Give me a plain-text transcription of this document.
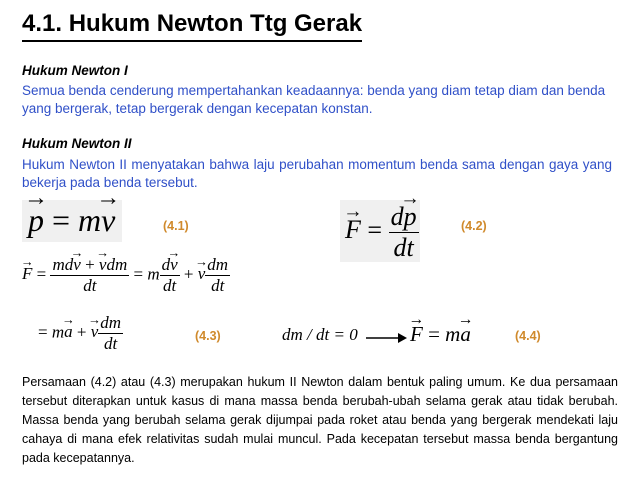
4.1. Hukum Newton Ttg Gerak
Hukum Newton I
Semua benda cenderung mempertahankan keadaannya: benda yang diam tetap diam dan benda yang bergerak, tetap bergerak dengan kecepatan konstan.
Hukum Newton II
Hukum Newton II menyatakan bahwa laju perubahan momentum benda sama dengan gaya yang bekerja pada benda tersebut.
→ p = m→ v	(4.1)	→ $F = \frac{d\to p}{dt}$	(4.2)
→ $F = \frac{\text{md→ v + → vdm}}{dt} = m \frac{d\to v}{dt}$ + → v $\frac{dm}{dt}$
= m→ a + → v $\frac{dm}{dt}$	(4.3)	dm / dt = 0 → F = m→ a	(4.4)
Persamaan (4.2) atau (4.3) merupakan hukum II Newton dalam bentuk paling umum. Ke dua persamaan tersebut diterapkan untuk kasus di mana massa benda berubah-ubah selama gerak atau tidak berubah. Massa benda yang berubah selama gerak dijumpai pada roket atau benda yang bergerak mendekati laju cahaya di mana efek relativitas sudah mulai muncul. Pada kecepatan tersebut massa benda bergantung pada kecepatannya.
